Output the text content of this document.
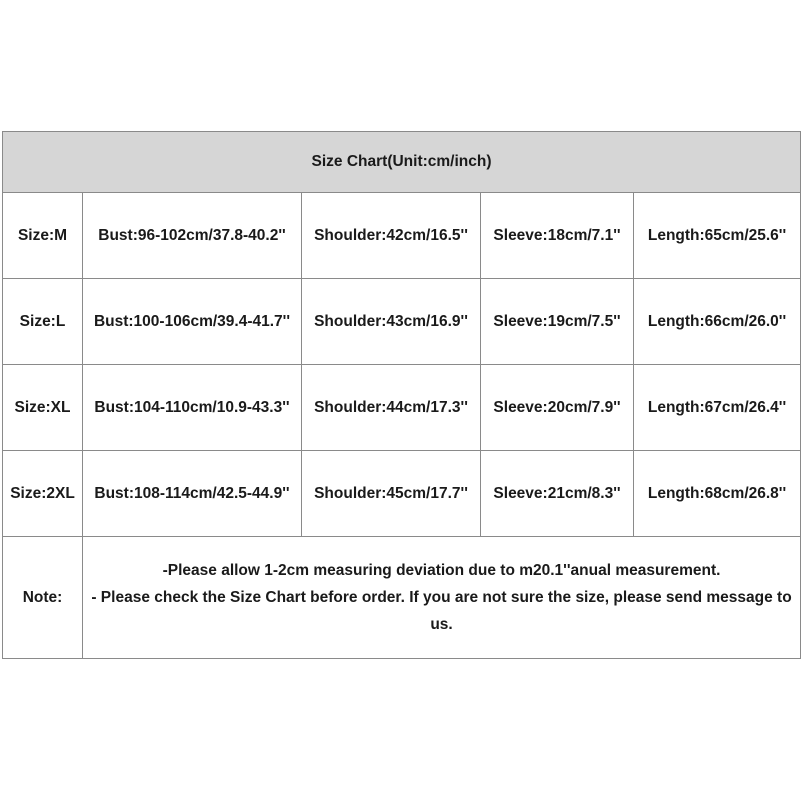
Size Chart(Unit:cm/inch)				
Size:M	Bust:96-102cm/37.8-40.2''	Shoulder:42cm/16.5''	Sleeve:18cm/7.1''	Length:65cm/25.6''
Size:L	Bust:100-106cm/39.4-41.7''	Shoulder:43cm/16.9''	Sleeve:19cm/7.5''	Length:66cm/26.0''
Size:XL	Bust:104-110cm/10.9-43.3''	Shoulder:44cm/17.3''	Sleeve:20cm/7.9''	Length:67cm/26.4''
Size:2XL	Bust:108-114cm/42.5-44.9''	Shoulder:45cm/17.7''	Sleeve:21cm/8.3''	Length:68cm/26.8''
Note:	-Please allow 1-2cm measuring deviation due to m20.1''anual measurement.
- Please check the Size Chart before order. If you are not sure the size, please send message to us.			
